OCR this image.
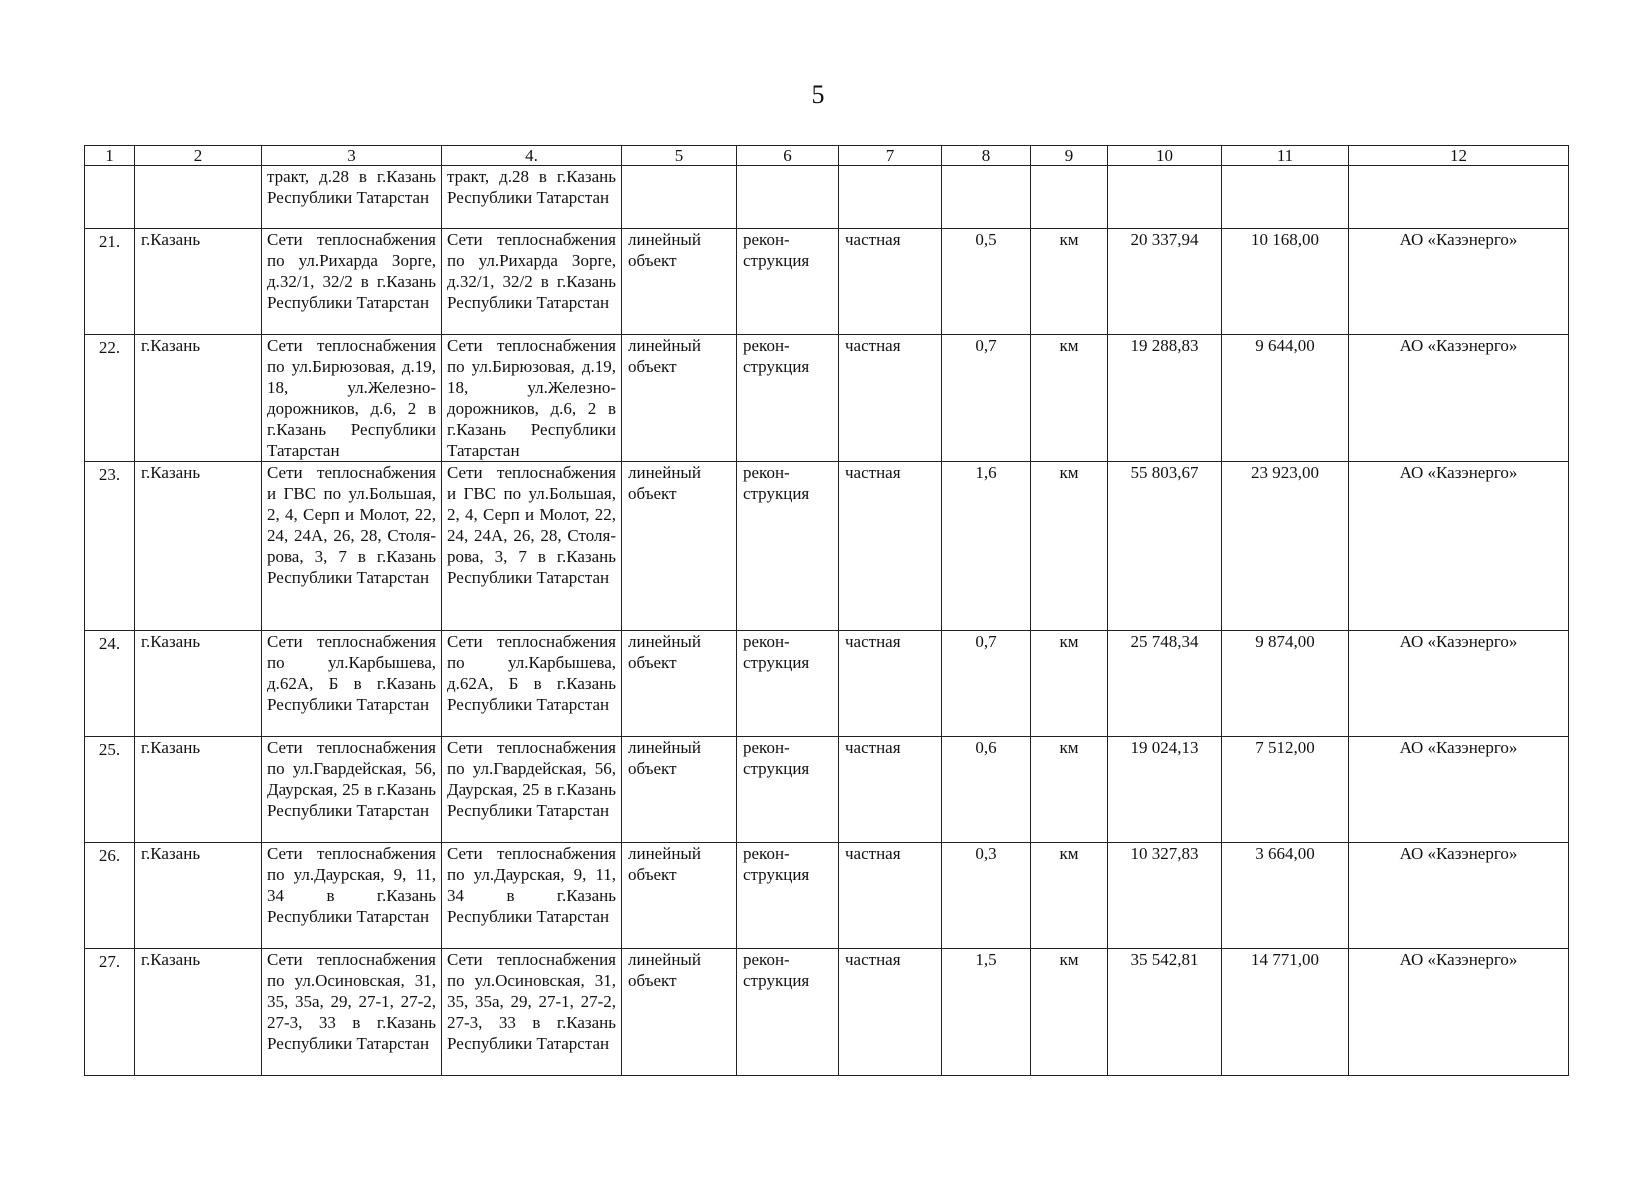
5
1	2	3	4.	5	6	7	8	9	10	11	12
		тракт, д.28 в г.Казань Республики Татарстан	тракт, д.28 в г.Казань Республики Татарстан								
21.	г.Казань	Сети теплоснабжения по ул.Рихарда Зорге, д.32/1, 32/2 в г.Казань Республики Татарстан	Сети теплоснабжения по ул.Рихарда Зорге, д.32/1, 32/2 в г.Казань Республики Татарстан	линейный объект	реконструкция	частная	0,5	км	20 337,94	10 168,00	АО «Казэнерго»
22.	г.Казань	Сети теплоснабжения по ул.Бирюзовая, д.19, 18, ул.Железнодорожников, д.6, 2 в г.Казань Республики Татарстан	Сети теплоснабжения по ул.Бирюзовая, д.19, 18, ул.Железнодорожников, д.6, 2 в г.Казань Республики Татарстан	линейный объект	реконструкция	частная	0,7	км	19 288,83	9 644,00	АО «Казэнерго»
23.	г.Казань	Сети теплоснабжения и ГВС по ул.Большая, 2, 4, Серп и Молот, 22, 24, 24А, 26, 28, Столярова, 3, 7 в г.Казань Республики Татарстан	Сети теплоснабжения и ГВС по ул.Большая, 2, 4, Серп и Молот, 22, 24, 24А, 26, 28, Столярова, 3, 7 в г.Казань Республики Татарстан	линейный объект	реконструкция	частная	1,6	км	55 803,67	23 923,00	АО «Казэнерго»
24.	г.Казань	Сети теплоснабжения по ул.Карбышева, д.62А, Б в г.Казань Республики Татарстан	Сети теплоснабжения по ул.Карбышева, д.62А, Б в г.Казань Республики Татарстан	линейный объект	реконструкция	частная	0,7	км	25 748,34	9 874,00	АО «Казэнерго»
25.	г.Казань	Сети теплоснабжения по ул.Гвардейская, 56, Даурская, 25 в г.Казань Республики Татарстан	Сети теплоснабжения по ул.Гвардейская, 56, Даурская, 25 в г.Казань Республики Татарстан	линейный объект	реконструкция	частная	0,6	км	19 024,13	7 512,00	АО «Казэнерго»
26.	г.Казань	Сети теплоснабжения по ул.Даурская, 9, 11, 34 в г.Казань Республики Татарстан	Сети теплоснабжения по ул.Даурская, 9, 11, 34 в г.Казань Республики Татарстан	линейный объект	реконструкция	частная	0,3	км	10 327,83	3 664,00	АО «Казэнерго»
27.	г.Казань	Сети теплоснабжения по ул.Осиновская, 31, 35, 35а, 29, 27-1, 27-2, 27-3, 33 в г.Казань Республики Татарстан	Сети теплоснабжения по ул.Осиновская, 31, 35, 35а, 29, 27-1, 27-2, 27-3, 33 в г.Казань Республики Татарстан	линейный объект	реконструкция	частная	1,5	км	35 542,81	14 771,00	АО «Казэнерго»
